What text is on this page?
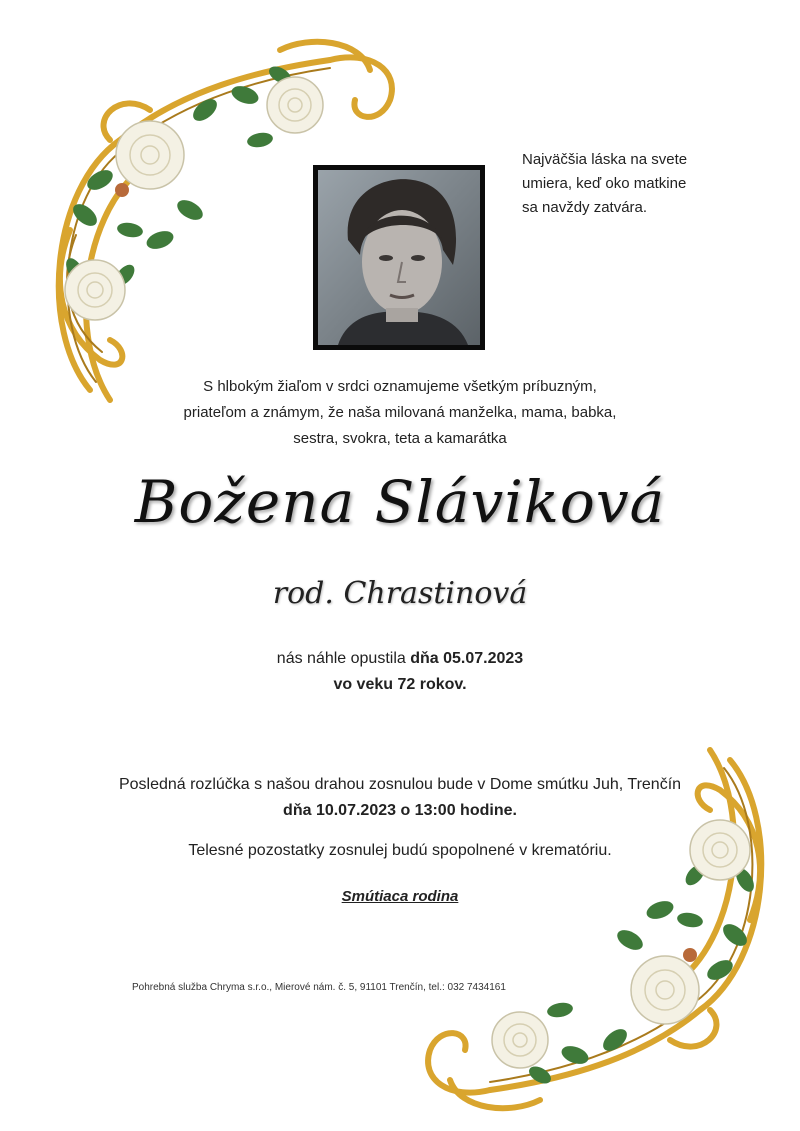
Najväčšia láska na svete
umiera, keď oko matkine
sa navždy zatvára.
S hlbokým žiaľom v srdci oznamujeme všetkým príbuzným,
priateľom a známym, že naša milovaná manželka, mama, babka,
sestra, svokra, teta a kamarátka
Božena Sláviková
rod. Chrastinová
nás náhle opustila dňa 05.07.2023
vo veku 72 rokov.
Posledná rozlúčka s našou drahou zosnulou bude v Dome smútku Juh, Trenčín
dňa 10.07.2023 o 13:00 hodine.
Telesné pozostatky zosnulej budú spopolnené v krematóriu.
Smútiaca rodina
Pohrebná služba Chryma s.r.o., Mierové nám. č. 5, 91101 Trenčín, tel.: 032 7434161
